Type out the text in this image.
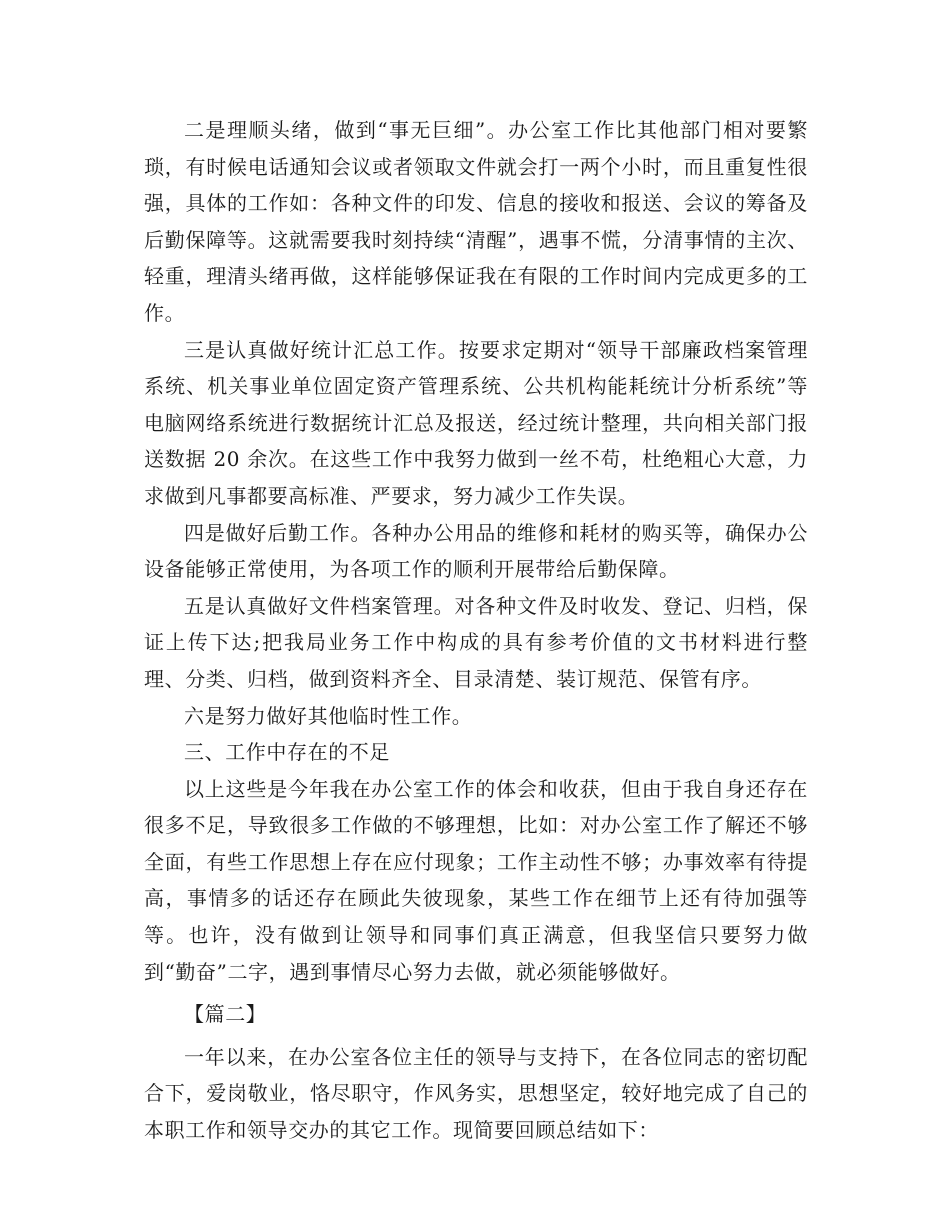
二是理顺头绪，做到“事无巨细”。办公室工作比其他部门相对要繁琐，有时候电话通知会议或者领取文件就会打一两个小时，而且重复性很强，具体的工作如：各种文件的印发、信息的接收和报送、会议的筹备及后勤保障等。这就需要我时刻持续“清醒”，遇事不慌，分清事情的主次、轻重，理清头绪再做，这样能够保证我在有限的工作时间内完成更多的工作。

三是认真做好统计汇总工作。按要求定期对“领导干部廉政档案管理系统、机关事业单位固定资产管理系统、公共机构能耗统计分析系统”等电脑网络系统进行数据统计汇总及报送，经过统计整理，共向相关部门报送数据 20 余次。在这些工作中我努力做到一丝不苟，杜绝粗心大意，力求做到凡事都要高标准、严要求，努力减少工作失误。

四是做好后勤工作。各种办公用品的维修和耗材的购买等，确保办公设备能够正常使用，为各项工作的顺利开展带给后勤保障。

五是认真做好文件档案管理。对各种文件及时收发、登记、归档，保证上传下达;把我局业务工作中构成的具有参考价值的文书材料进行整理、分类、归档，做到资料齐全、目录清楚、装订规范、保管有序。

六是努力做好其他临时性工作。

三、工作中存在的不足

以上这些是今年我在办公室工作的体会和收获，但由于我自身还存在很多不足，导致很多工作做的不够理想，比如：对办公室工作了解还不够全面，有些工作思想上存在应付现象；工作主动性不够；办事效率有待提高，事情多的话还存在顾此失彼现象，某些工作在细节上还有待加强等等。也许，没有做到让领导和同事们真正满意，但我坚信只要努力做到“勤奋”二字，遇到事情尽心努力去做，就必须能够做好。

【篇二】

一年以来，在办公室各位主任的领导与支持下，在各位同志的密切配合下，爱岗敬业，恪尽职守，作风务实，思想坚定，较好地完成了自己的本职工作和领导交办的其它工作。现简要回顾总结如下：
